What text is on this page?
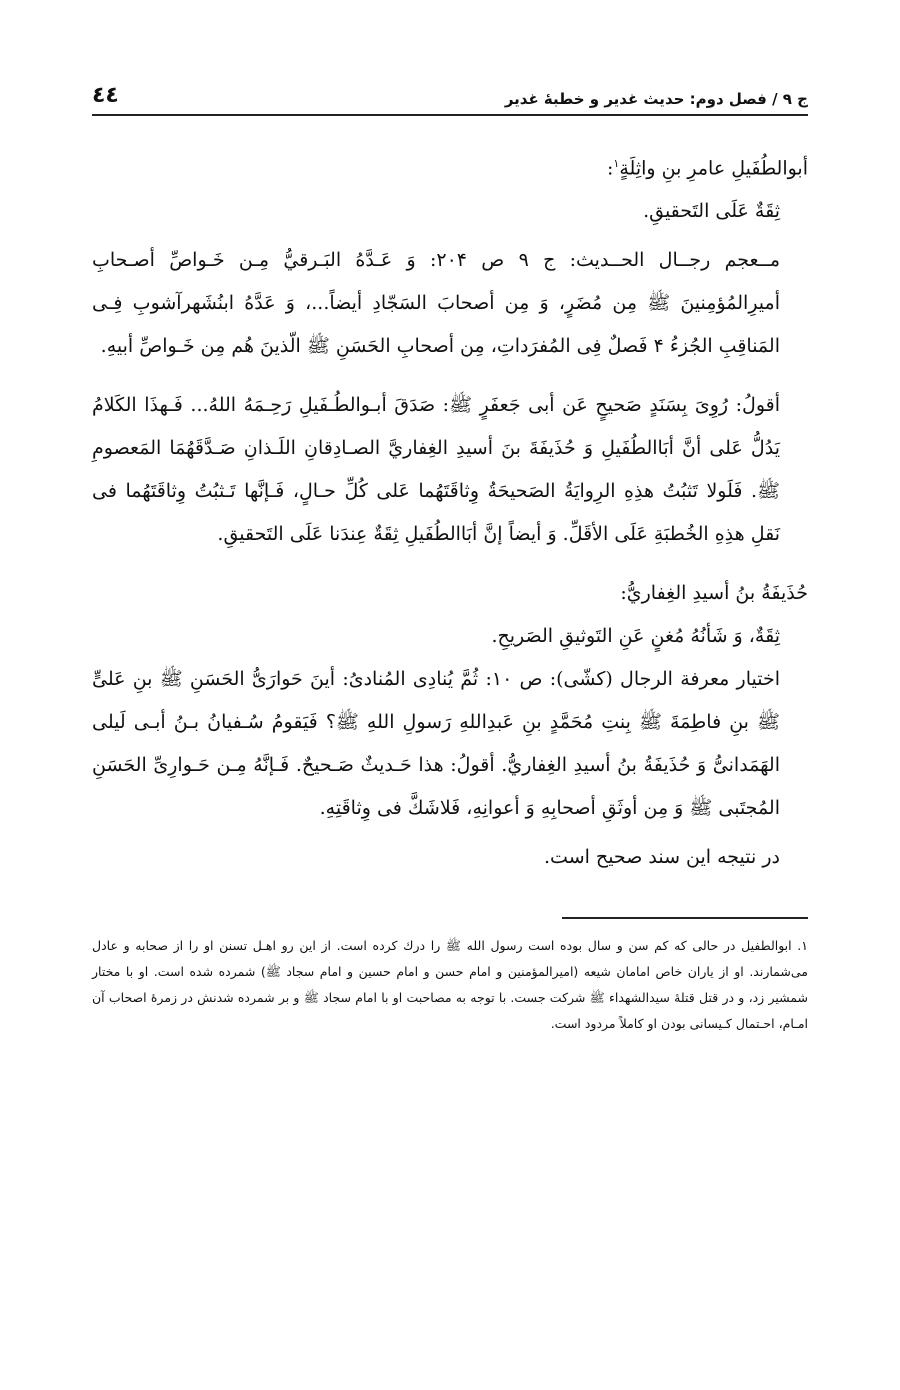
ج ۹ / فصل دوم: حديث غدير و خطبهٔ غدير
٤٤

أبوالطُفَيلِ عامرِ بنِ واثِلَةٍ$^١$:

ثِقَةٌ عَلَى التَحقيقِ.

مــعجم رجــال الحــديث: ج ۹ ص ۲۰۴: وَ عَـدَّهُ البَـرقيُّ مِـن خَـواصِّ أصـحابِ أميرِالمُؤمِنينَ ﷺ مِن مُضَرٍ، وَ مِن أصحابَ السَجّادِ أيضاً...، وَ عَدَّهُ ابنُشَهرآشوبِ فِـى المَناقِبِ الجُزءُ ۴ فَصلٌ فِى المُفرَداتِ، مِن أصحابِ الحَسَنِ ﷺ الّذينَ هُم مِن خَـواصِّ أبيهِ.

أقولُ: رُوِىَ بِسَنَدٍ صَحيحٍ عَن أبى جَعفَرٍ ﷺ: صَدَقَ أبـوالطُـفَيلِ رَحِـمَهُ اللهُ... فَـهذَا الكَلامُ يَدُلُّ عَلى أنَّ أبَاالطُفَيلِ وَ حُذَيفَةَ بنَ أسيدِ الغِفاريَّ الصـادِقانِ اللَـذانِ صَـدَّقَهُمَا المَعصومِ ﷺ. فَلَولا تَثبُتُ هذِهِ الرِوايَةُ الصَحيحَةُ وِثاقَتَهُما عَلى كُلِّ حـالٍ، فَـإنَّها تَـثبُتُ وِثاقَتَهُما فى نَقلِ هذِهِ الخُطبَةِ عَلَى الأقَلِّ. وَ أيضاً إنَّ أبَاالطُفَيلِ ثِقَةٌ عِندَنا عَلَى التَحقيقِ.

حُذَيفَةُ بنُ أسيدِ الغِفاريُّ:

ثِقَةٌ، وَ شَأنُهُ مُغنٍ عَنِ التَوثيقِ الصَريحِ.

اختيار معرفة الرجال (كشّى): ص ۱۰: ثُمَّ يُنادِى المُنادىُ: أينَ حَوارَىُّ الحَسَنِ ﷺ بنِ عَلىٍّ ﷺ بنِ فاطِمَةَ ﷺ بِنتِ مُحَمَّدٍ بنِ عَبدِاللهِ رَسولِ اللهِ ﷺ؟ فَيَقومُ سُـفيانُ بـنُ أبـى لَيلى الهَمَدانىُّ وَ حُذَيفَةُ بنُ أسيدِ الغِفاريُّ. أقولُ: هذا حَـديثٌ صَـحيحٌ. فَـإنَّهُ مِـن حَـوارِىِّ الحَسَنِ المُجتَبى ﷺ وَ مِن أوثَقِ أصحابِهِ وَ أعوانِهِ، فَلاشَكَّ فى وِثاقَتِهِ.

در نتيجه اين سند صحيح است.

۱. ابوالطفيل در حالى كه كم سن و سال بوده است رسول الله ﷺ را درك كرده است. از اين رو اهـل تسنن او را از صحابه و عادل مى‌شمارند. او از ياران خاص امامان شيعه (اميرالمؤمنين و امام حسن و امام حسين و امام سجاد ﷺ) شمرده شده است. او با مختار شمشير زد، و در قتل قتلهٔ سيدالشهداء ﷺ شركت جست. با توجه به مصاحبت او با امام سجاد ﷺ و بر شمرده شدنش در زمرهٔ اصحاب آن امـام، احـتمال كـيسانى بودن او كاملاً مردود است.
